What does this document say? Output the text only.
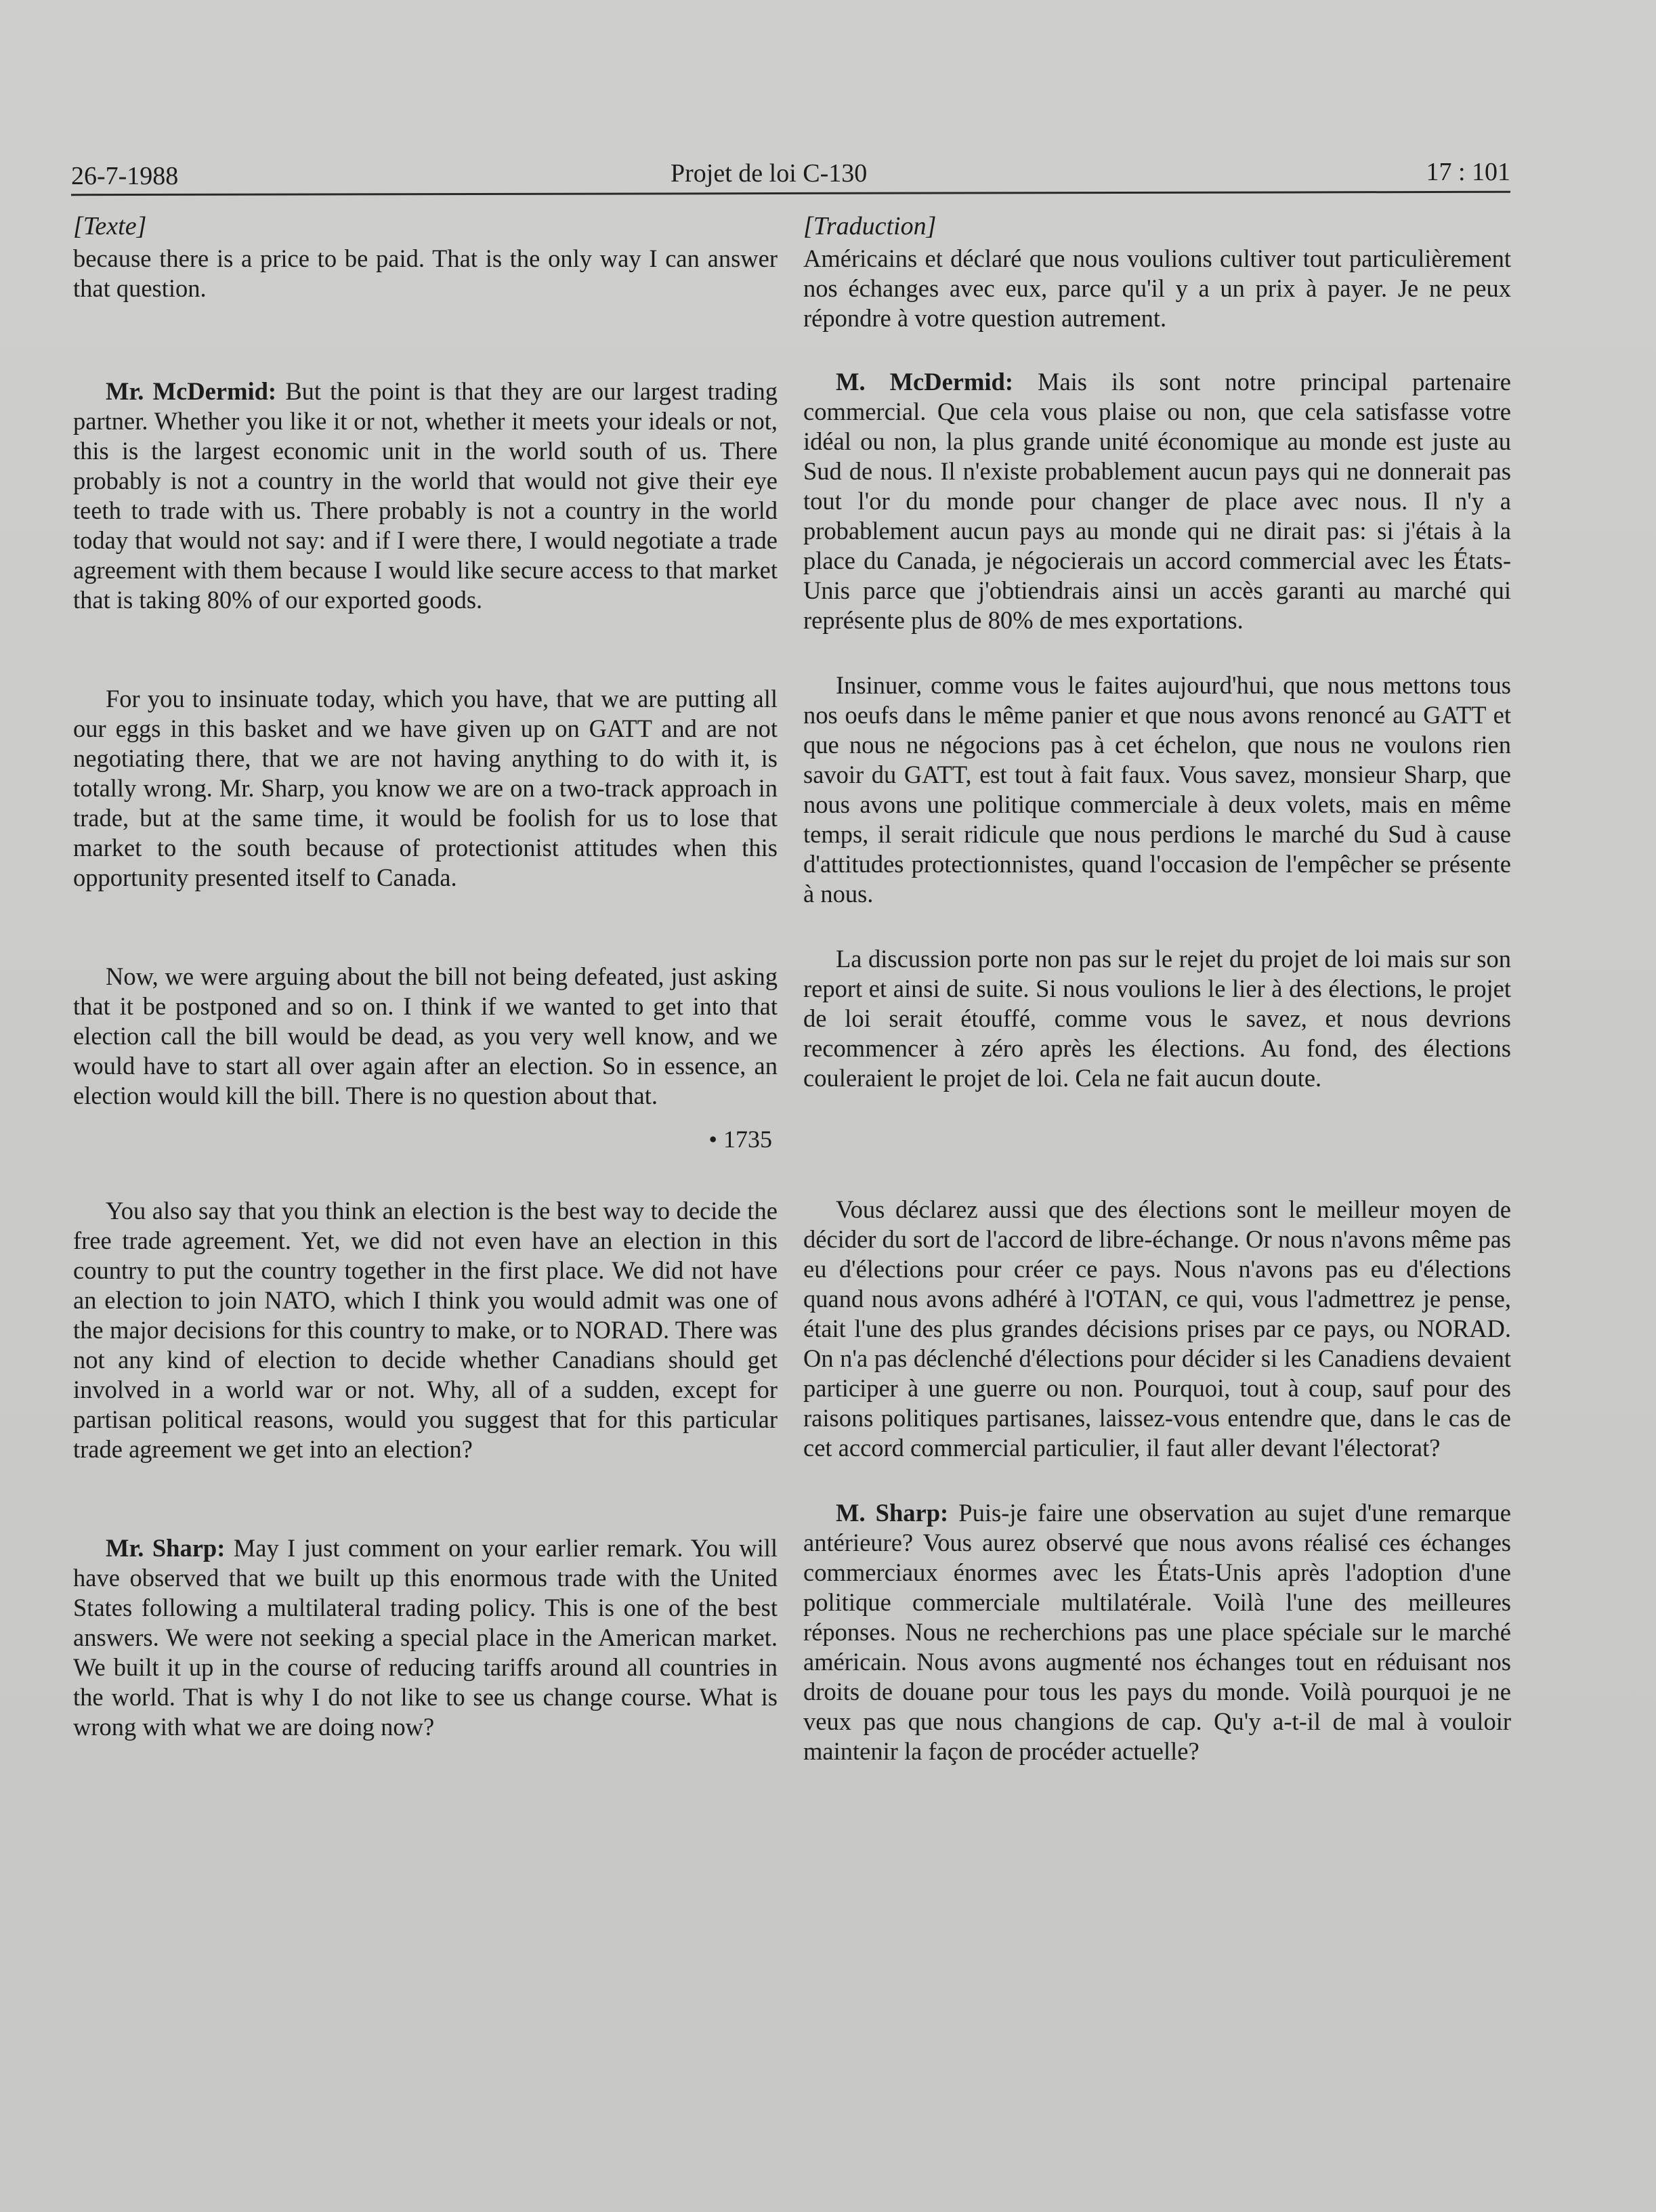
26-7-1988	Projet de loi C-130	17 : 101
[Texte]

because there is a price to be paid. That is the only way I can answer that question.

Mr. McDermid: But the point is that they are our largest trading partner. Whether you like it or not, whether it meets your ideals or not, this is the largest economic unit in the world south of us. There probably is not a country in the world that would not give their eye teeth to trade with us. There probably is not a country in the world today that would not say: and if I were there, I would negotiate a trade agreement with them because I would like secure access to that market that is taking 80% of our exported goods.

For you to insinuate today, which you have, that we are putting all our eggs in this basket and we have given up on GATT and are not negotiating there, that we are not having anything to do with it, is totally wrong. Mr. Sharp, you know we are on a two-track approach in trade, but at the same time, it would be foolish for us to lose that market to the south because of protectionist attitudes when this opportunity presented itself to Canada.

Now, we were arguing about the bill not being defeated, just asking that it be postponed and so on. I think if we wanted to get into that election call the bill would be dead, as you very well know, and we would have to start all over again after an election. So in essence, an election would kill the bill. There is no question about that.

• 1735

You also say that you think an election is the best way to decide the free trade agreement. Yet, we did not even have an election in this country to put the country together in the first place. We did not have an election to join NATO, which I think you would admit was one of the major decisions for this country to make, or to NORAD. There was not any kind of election to decide whether Canadians should get involved in a world war or not. Why, all of a sudden, except for partisan political reasons, would you suggest that for this particular trade agreement we get into an election?

Mr. Sharp: May I just comment on your earlier remark. You will have observed that we built up this enormous trade with the United States following a multilateral trading policy. This is one of the best answers. We were not seeking a special place in the American market. We built it up in the course of reducing tariffs around all countries in the world. That is why I do not like to see us change course. What is wrong with what we are doing now?

[Traduction]

Américains et déclaré que nous voulions cultiver tout particulièrement nos échanges avec eux, parce qu'il y a un prix à payer. Je ne peux répondre à votre question autrement.

M. McDermid: Mais ils sont notre principal partenaire commercial. Que cela vous plaise ou non, que cela satisfasse votre idéal ou non, la plus grande unité économique au monde est juste au Sud de nous. Il n'existe probablement aucun pays qui ne donnerait pas tout l'or du monde pour changer de place avec nous. Il n'y a probablement aucun pays au monde qui ne dirait pas: si j'étais à la place du Canada, je négocierais un accord commercial avec les États-Unis parce que j'obtiendrais ainsi un accès garanti au marché qui représente plus de 80% de mes exportations.

Insinuer, comme vous le faites aujourd'hui, que nous mettons tous nos oeufs dans le même panier et que nous avons renoncé au GATT et que nous ne négocions pas à cet échelon, que nous ne voulons rien savoir du GATT, est tout à fait faux. Vous savez, monsieur Sharp, que nous avons une politique commerciale à deux volets, mais en même temps, il serait ridicule que nous perdions le marché du Sud à cause d'attitudes protectionnistes, quand l'occasion de l'empêcher se présente à nous.

La discussion porte non pas sur le rejet du projet de loi mais sur son report et ainsi de suite. Si nous voulions le lier à des élections, le projet de loi serait étouffé, comme vous le savez, et nous devrions recommencer à zéro après les élections. Au fond, des élections couleraient le projet de loi. Cela ne fait aucun doute.

Vous déclarez aussi que des élections sont le meilleur moyen de décider du sort de l'accord de libre-échange. Or nous n'avons même pas eu d'élections pour créer ce pays. Nous n'avons pas eu d'élections quand nous avons adhéré à l'OTAN, ce qui, vous l'admettrez je pense, était l'une des plus grandes décisions prises par ce pays, ou NORAD. On n'a pas déclenché d'élections pour décider si les Canadiens devaient participer à une guerre ou non. Pourquoi, tout à coup, sauf pour des raisons politiques partisanes, laissez-vous entendre que, dans le cas de cet accord commercial particulier, il faut aller devant l'électorat?

M. Sharp: Puis-je faire une observation au sujet d'une remarque antérieure? Vous aurez observé que nous avons réalisé ces échanges commerciaux énormes avec les États-Unis après l'adoption d'une politique commerciale multilatérale. Voilà l'une des meilleures réponses. Nous ne recherchions pas une place spéciale sur le marché américain. Nous avons augmenté nos échanges tout en réduisant nos droits de douane pour tous les pays du monde. Voilà pourquoi je ne veux pas que nous changions de cap. Qu'y a-t-il de mal à vouloir maintenir la façon de procéder actuelle?
